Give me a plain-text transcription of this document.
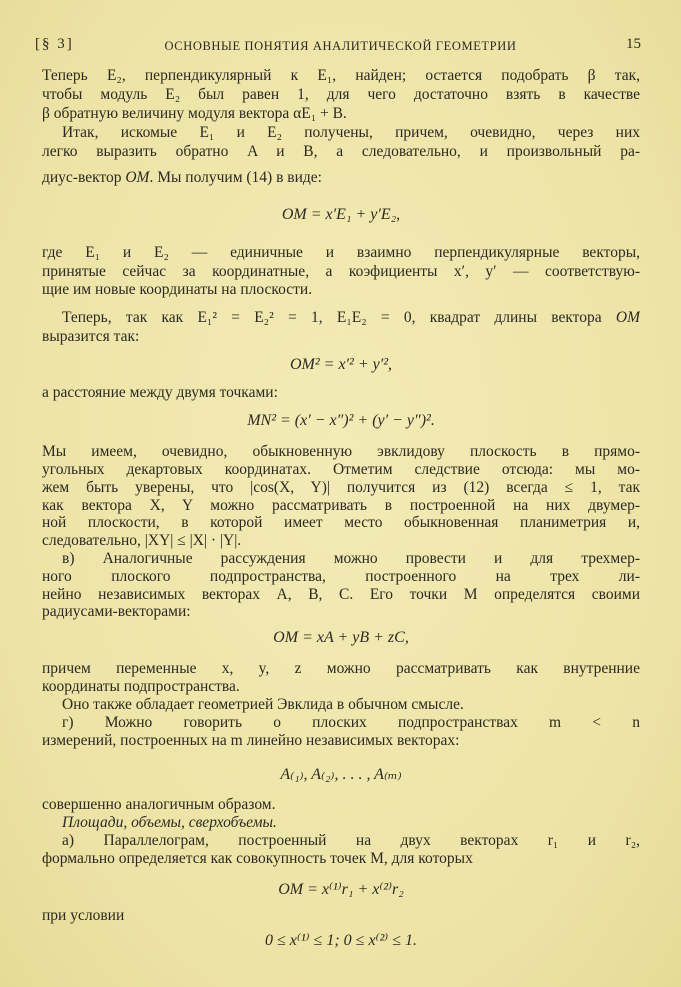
ОСНОВНЫЕ ПОНЯТИЯ АНАЛИТИЧЕСКОЙ ГЕОМЕТРИИ
[§ 3]	15
Теперь E₂, перпендикулярный к E₁, найден; остается подобрать β так,
чтобы модуль E₂ был равен 1, для чего достаточно взять в качестве
β обратную величину модуля вектора αE₁ + B.
Итак, искомые E₁ и E₂ получены, причем, очевидно, через них
легко выразить обратно A и B, а следовательно, и произвольный ра-
диус-вектор OM. Мы получим (14) в виде:
OM = x′E₁ + y′E₂,
где E₁ и E₂ — единичные и взаимно перпендикулярные векторы,
принятые сейчас за координатные, а коэфициенты x′, y′ — соответствую-
щие им новые координаты на плоскости.
Теперь, так как E₁² = E₂² = 1, E₁E₂ = 0, квадрат длины вектора OM
выразится так:
OM² = x′² + y′²,
а расстояние между двумя точками:
MN² = (x′ − x″)² + (y′ − y″)².
Мы имеем, очевидно, обыкновенную эвклидову плоскость в прямо-
угольных декартовых координатах. Отметим следствие отсюда: мы мо-
жем быть уверены, что |cos(X, Y)| получится из (12) всегда ≤ 1, так
как вектора X, Y можно рассматривать в построенной на них двумер-
ной плоскости, в которой имеет место обыкновенная планиметрия и,
следовательно, |XY| ≤ |X| · |Y|.
в) Аналогичные рассуждения можно провести и для трехмер-
ного плоского подпространства, построенного на трех ли-
нейно независимых векторах A, B, C. Его точки M определятся своими
радиусами-векторами:
OM = xA + yB + zC,
причем переменные x, y, z можно рассматривать как внутренние
координаты подпространства.
Оно также обладает геометрией Эвклида в обычном смысле.
г) Можно говорить о плоских подпространствах m < n
измерений, построенных на m линейно независимых векторах:
A₍₁₎, A₍₂₎, . . . , A₍ₘ₎
совершенно аналогичным образом.
Площади, объемы, сверхобъемы.
а) Параллелограм, построенный на двух векторах r₁ и r₂,
формально определяется как совокупность точек M, для которых
OM = x⁽¹⁾r₁ + x⁽²⁾r₂
при условии
0 ≤ x⁽¹⁾ ≤ 1; 0 ≤ x⁽²⁾ ≤ 1.
